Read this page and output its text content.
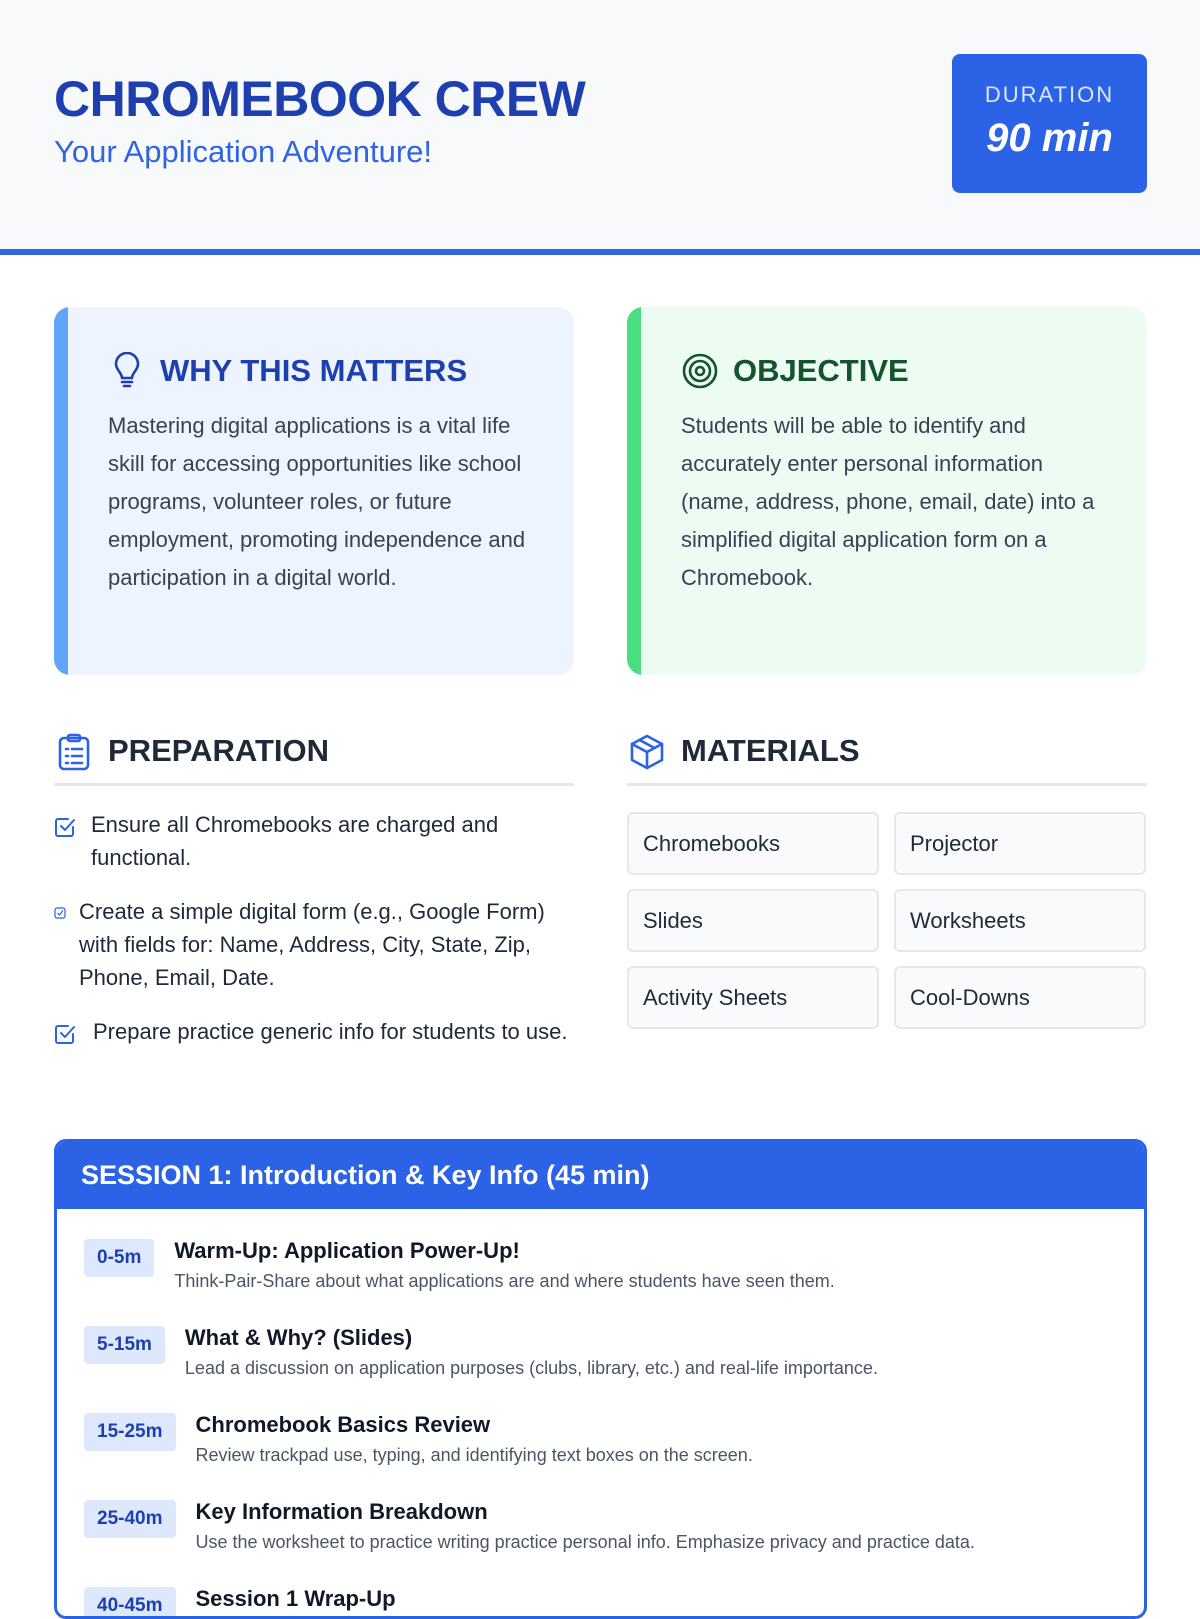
CHROMEBOOK CREW
Your Application Adventure!
DURATION
90 min
WHY THIS MATTERS
Mastering digital applications is a vital life skill for accessing opportunities like school programs, volunteer roles, or future employment, promoting independence and participation in a digital world.
OBJECTIVE
Students will be able to identify and accurately enter personal information (name, address, phone, email, date) into a simplified digital application form on a Chromebook.
PREPARATION
Ensure all Chromebooks are charged and functional.
Create a simple digital form (e.g., Google Form) with fields for: Name, Address, City, State, Zip, Phone, Email, Date.
Prepare practice generic info for students to use.
MATERIALS
Chromebooks	Projector
Slides	Worksheets
Activity Sheets	Cool-Downs
SESSION 1: Introduction & Key Info (45 min)
0-5m	Warm-Up: Application Power-Up!
Think-Pair-Share about what applications are and where students have seen them.
5-15m	What & Why? (Slides)
Lead a discussion on application purposes (clubs, library, etc.) and real-life importance.
15-25m	Chromebook Basics Review
Review trackpad use, typing, and identifying text boxes on the screen.
25-40m	Key Information Breakdown
Use the worksheet to practice writing practice personal info. Emphasize privacy and practice data.
40-45m	Session 1 Wrap-Up
